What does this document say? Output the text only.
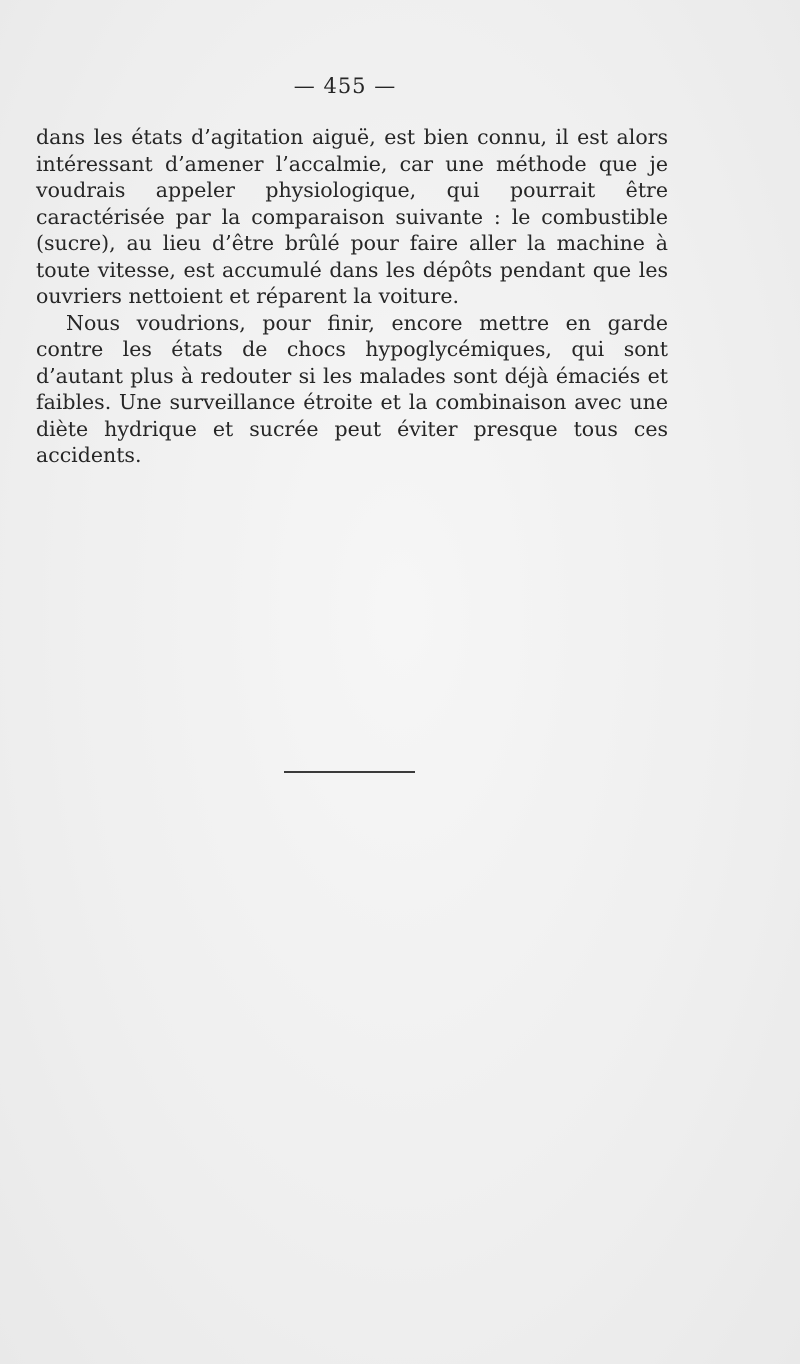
— 455 —

dans les états d’agitation aiguë, est bien connu, il est alors intéressant d’amener l’accalmie, car une méthode que je voudrais appeler physiologique, qui pourrait être caractérisée par la comparaison suivante : le combustible (sucre), au lieu d’être brûlé pour faire aller la machine à toute vitesse, est accumulé dans les dépôts pendant que les ouvriers nettoient et réparent la voiture.

Nous voudrions, pour finir, encore mettre en garde contre les états de chocs hypoglycémiques, qui sont d’autant plus à redouter si les malades sont déjà émaciés et faibles. Une surveillance étroite et la combinaison avec une diète hydrique et sucrée peut éviter presque tous ces accidents.
